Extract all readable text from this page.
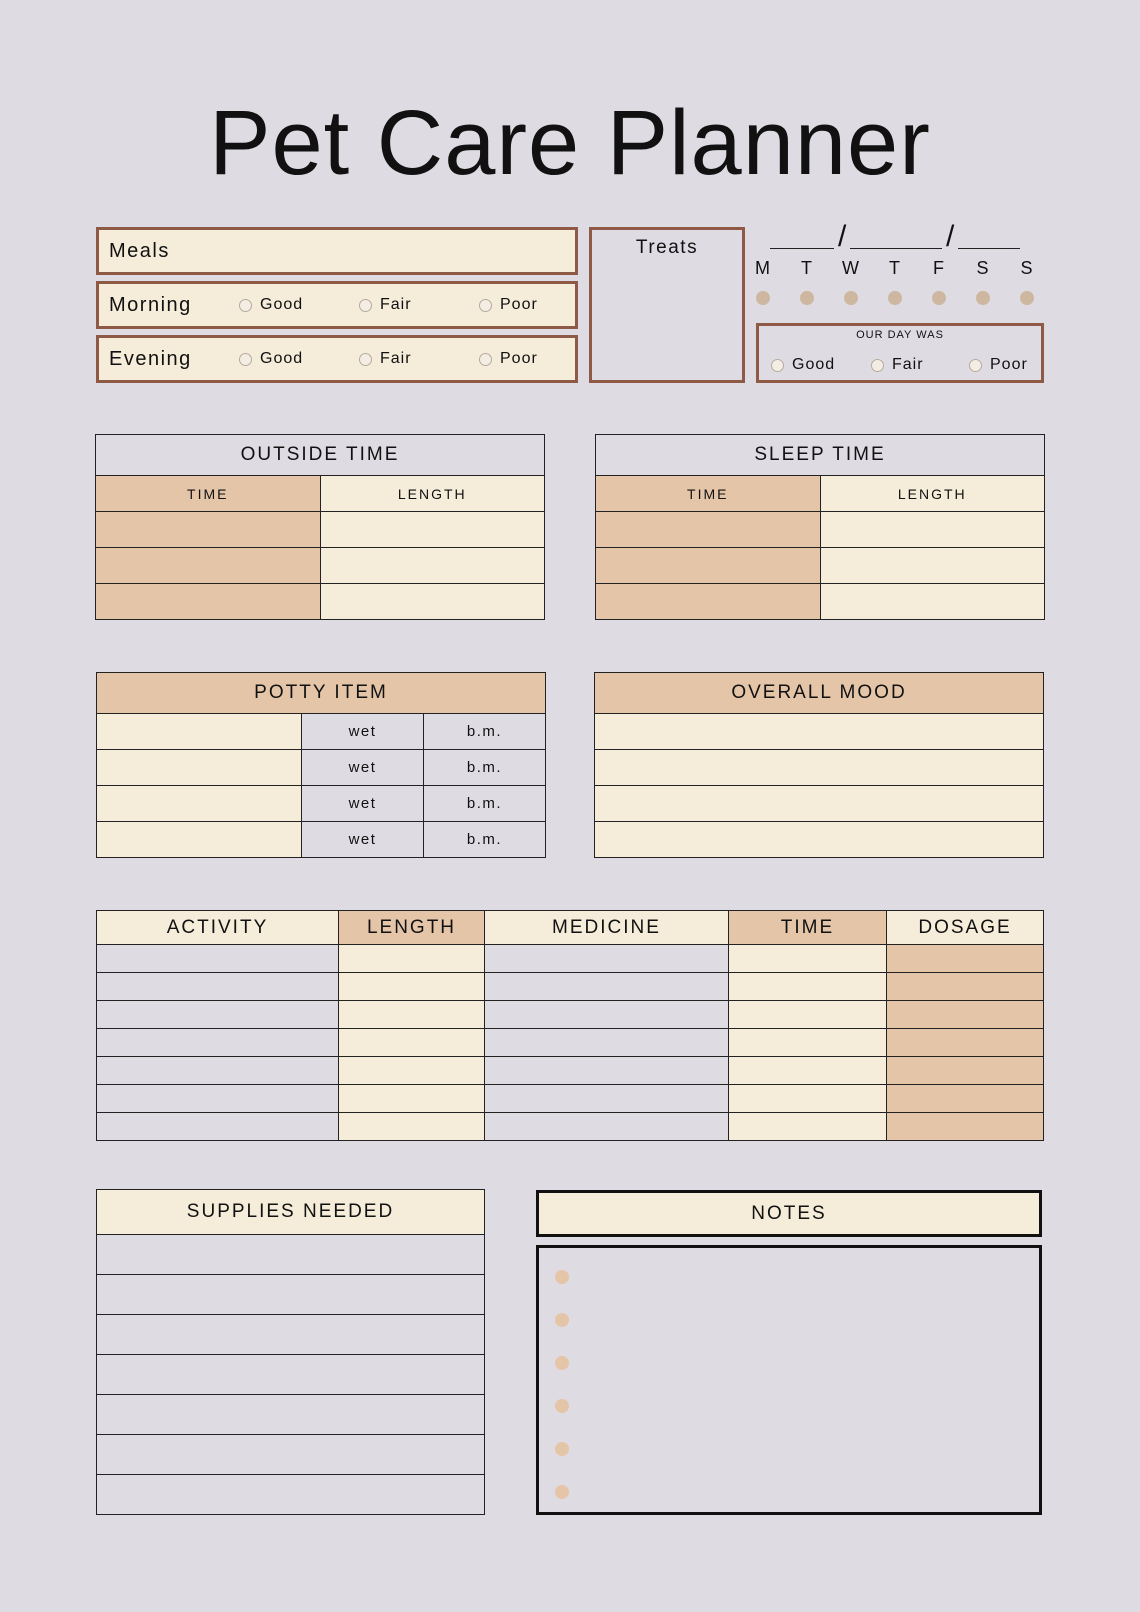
Pet Care Planner
Meals
Morning	Good	Fair	Poor
Evening	Good	Fair	Poor
Treats	/	/
M	T	W	T	F	S	S
OUR DAY WAS
Good	Fair	Poor
OUTSIDE TIME	
TIME	LENGTH

SLEEP TIME	
TIME	LENGTH

POTTY ITEM		
	wet	b.m.
	wet	b.m.
	wet	b.m.
	wet	b.m.
OVERALL MOOD

ACTIVITY	LENGTH	MEDICINE	TIME	DOSAGE

SUPPLIES NEEDED	NOTES
